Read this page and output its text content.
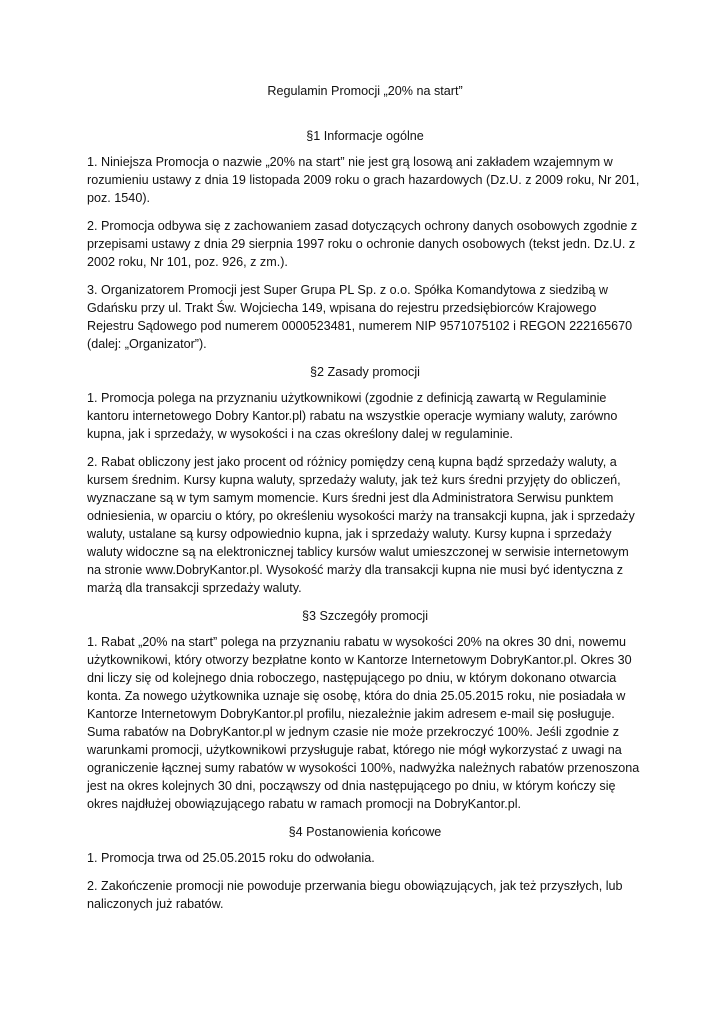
Regulamin Promocji „20% na start”
§1 Informacje ogólne

1. Niniejsza Promocja o nazwie „20% na start” nie jest grą losową ani zakładem wzajemnym w rozumieniu ustawy z dnia 19 listopada 2009 roku o grach hazardowych (Dz.U. z 2009 roku, Nr 201, poz. 1540).

2. Promocja odbywa się z zachowaniem zasad dotyczących ochrony danych osobowych zgodnie z przepisami ustawy z dnia 29 sierpnia 1997 roku o ochronie danych osobowych (tekst jedn. Dz.U. z 2002 roku, Nr 101, poz. 926, z zm.).

3. Organizatorem Promocji jest Super Grupa PL Sp. z o.o. Spółka Komandytowa z siedzibą w Gdańsku przy ul. Trakt Św. Wojciecha 149, wpisana do rejestru przedsiębiorców Krajowego Rejestru Sądowego pod numerem 0000523481, numerem NIP 9571075102 i REGON 222165670 (dalej: „Organizator”).

§2 Zasady promocji

1. Promocja polega na przyznaniu użytkownikowi (zgodnie z definicją zawartą w Regulaminie kantoru internetowego Dobry Kantor.pl) rabatu na wszystkie operacje wymiany waluty, zarówno kupna, jak i sprzedaży, w wysokości i na czas określony dalej w regulaminie.

2. Rabat obliczony jest jako procent od różnicy pomiędzy ceną kupna bądź sprzedaży waluty, a kursem średnim. Kursy kupna waluty, sprzedaży waluty, jak też kurs średni przyjęty do obliczeń, wyznaczane są w tym samym momencie. Kurs średni jest dla Administratora Serwisu punktem odniesienia, w oparciu o który, po określeniu wysokości marży na transakcji kupna, jak i sprzedaży waluty, ustalane są kursy odpowiednio kupna, jak i sprzedaży waluty. Kursy kupna i sprzedaży waluty widoczne są na elektronicznej tablicy kursów walut umieszczonej w serwisie internetowym na stronie www.DobryKantor.pl. Wysokość marży dla transakcji kupna nie musi być identyczna z marżą dla transakcji sprzedaży waluty.

§3 Szczegóły promocji

1. Rabat „20% na start” polega na przyznaniu rabatu w wysokości 20% na okres 30 dni, nowemu użytkownikowi, który otworzy bezpłatne konto w Kantorze Internetowym DobryKantor.pl. Okres 30 dni liczy się od kolejnego dnia roboczego, następującego po dniu, w którym dokonano otwarcia konta. Za nowego użytkownika uznaje się osobę, która do dnia 25.05.2015 roku, nie posiadała w Kantorze Internetowym DobryKantor.pl profilu, niezależnie jakim adresem e-mail się posługuje. Suma rabatów na DobryKantor.pl w jednym czasie nie może przekroczyć 100%. Jeśli zgodnie z warunkami promocji, użytkownikowi przysługuje rabat, którego nie mógł wykorzystać z uwagi na ograniczenie łącznej sumy rabatów w wysokości 100%, nadwyżka należnych rabatów przenoszona jest na okres kolejnych 30 dni, począwszy od dnia następującego po dniu, w którym kończy się okres najdłużej obowiązującego rabatu w ramach promocji na DobryKantor.pl.

§4 Postanowienia końcowe

1. Promocja trwa od 25.05.2015 roku do odwołania.

2. Zakończenie promocji nie powoduje przerwania biegu obowiązujących, jak też przyszłych, lub naliczonych już rabatów.
